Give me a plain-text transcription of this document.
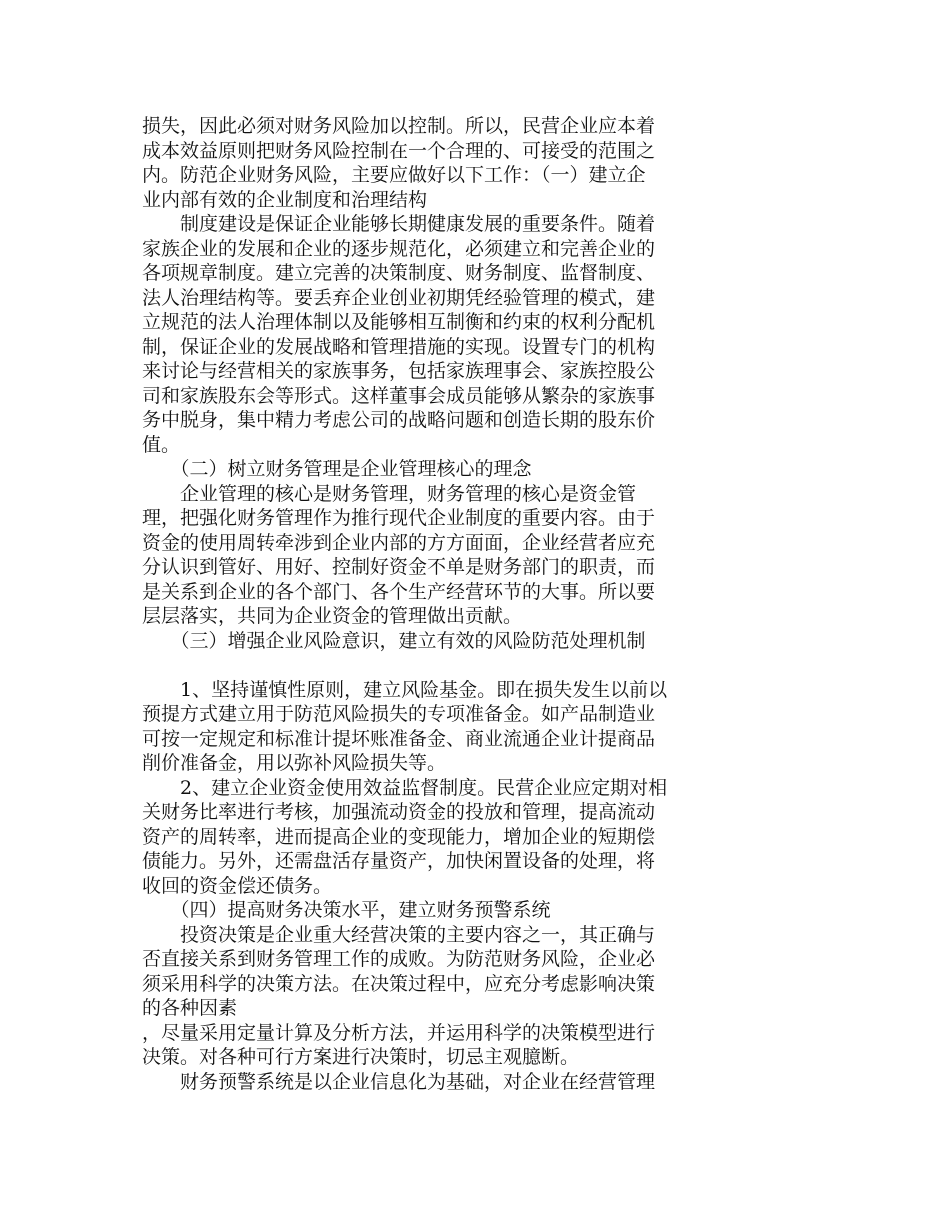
损失，因此必须对财务风险加以控制。所以，民营企业应本着
成本效益原则把财务风险控制在一个合理的、可接受的范围之
内。防范企业财务风险，主要应做好以下工作：（一）建立企
业内部有效的企业制度和治理结构
　　制度建设是保证企业能够长期健康发展的重要条件。随着
家族企业的发展和企业的逐步规范化，必须建立和完善企业的
各项规章制度。建立完善的决策制度、财务制度、监督制度、
法人治理结构等。要丢弃企业创业初期凭经验管理的模式，建
立规范的法人治理体制以及能够相互制衡和约束的权利分配机
制，保证企业的发展战略和管理措施的实现。设置专门的机构
来讨论与经营相关的家族事务，包括家族理事会、家族控股公
司和家族股东会等形式。这样董事会成员能够从繁杂的家族事
务中脱身，集中精力考虑公司的战略问题和创造长期的股东价
值。
　　（二）树立财务管理是企业管理核心的理念
　　企业管理的核心是财务管理，财务管理的核心是资金管
理，把强化财务管理作为推行现代企业制度的重要内容。由于
资金的使用周转牵涉到企业内部的方方面面，企业经营者应充
分认识到管好、用好、控制好资金不单是财务部门的职责，而
是关系到企业的各个部门、各个生产经营环节的大事。所以要
层层落实，共同为企业资金的管理做出贡献。
　　（三）增强企业风险意识，建立有效的风险防范处理机制
　　1、坚持谨慎性原则，建立风险基金。即在损失发生以前以
预提方式建立用于防范风险损失的专项准备金。如产品制造业
可按一定规定和标准计提坏账准备金、商业流通企业计提商品
削价准备金，用以弥补风险损失等。
　　2、建立企业资金使用效益监督制度。民营企业应定期对相
关财务比率进行考核，加强流动资金的投放和管理，提高流动
资产的周转率，进而提高企业的变现能力，增加企业的短期偿
债能力。另外，还需盘活存量资产，加快闲置设备的处理，将
收回的资金偿还债务。
　　（四）提高财务决策水平，建立财务预警系统
　　投资决策是企业重大经营决策的主要内容之一，其正确与
否直接关系到财务管理工作的成败。为防范财务风险，企业必
须采用科学的决策方法。在决策过程中，应充分考虑影响决策
的各种因素
，尽量采用定量计算及分析方法，并运用科学的决策模型进行
决策。对各种可行方案进行决策时，切忌主观臆断。
　　财务预警系统是以企业信息化为基础，对企业在经营管理
